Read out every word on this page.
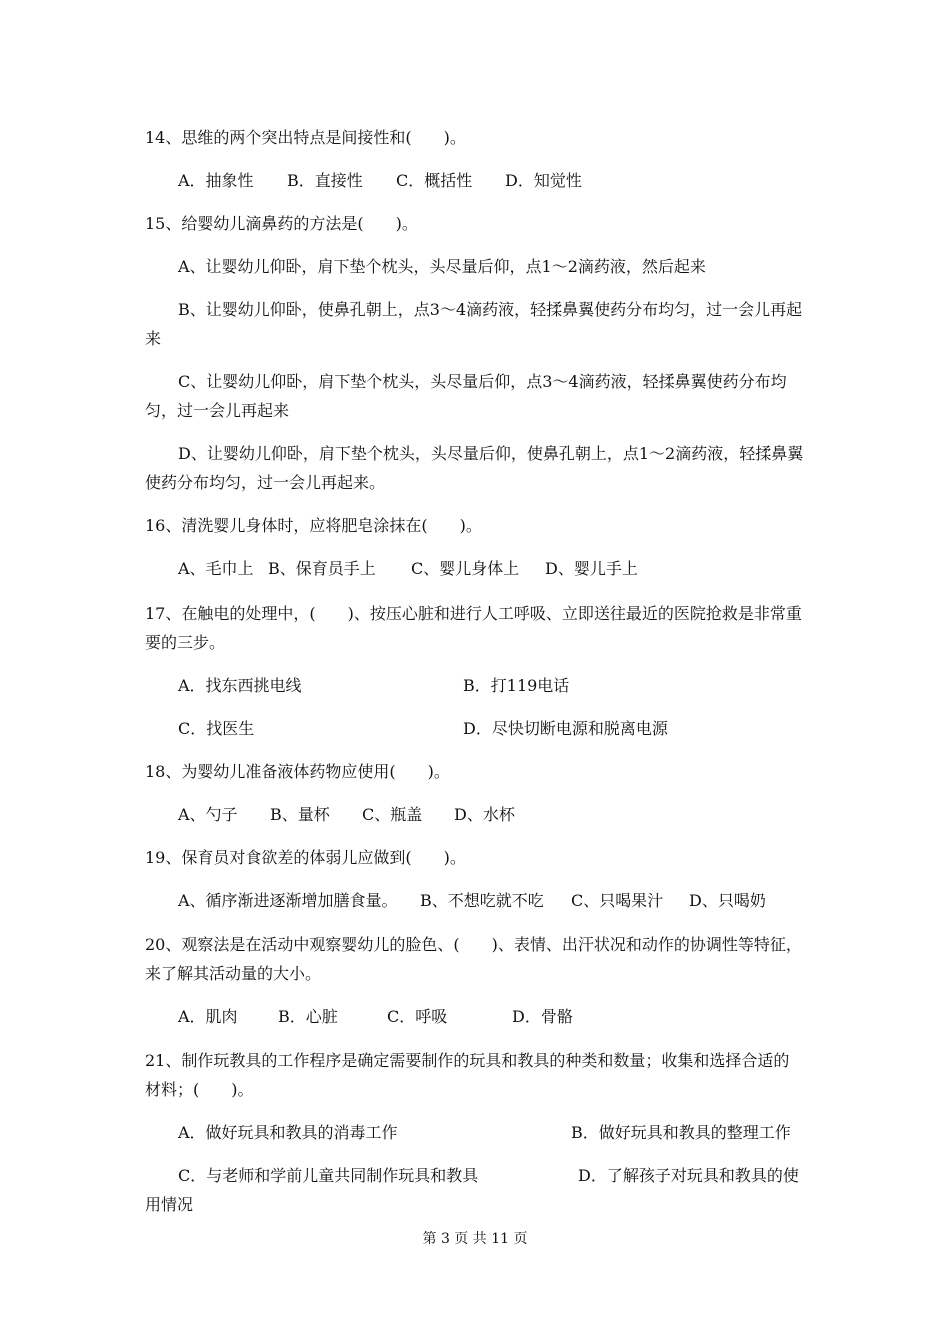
14、思维的两个突出特点是间接性和(　　)。
A．抽象性 B．直接性 C．概括性 D．知觉性
15、给婴幼儿滴鼻药的方法是(　　)。
A、让婴幼儿仰卧，肩下垫个枕头，头尽量后仰，点1～2滴药液，然后起来
B、让婴幼儿仰卧，使鼻孔朝上，点3～4滴药液，轻揉鼻翼使药分布均匀，过一会儿再起来
C、让婴幼儿仰卧，肩下垫个枕头，头尽量后仰，点3～4滴药液，轻揉鼻翼使药分布均匀，过一会儿再起来
D、让婴幼儿仰卧，肩下垫个枕头，头尽量后仰，使鼻孔朝上，点1～2滴药液，轻揉鼻翼使药分布均匀，过一会儿再起来。
16、清洗婴儿身体时，应将肥皂涂抹在(　　)。
A、毛巾上 B、保育员手上 C、婴儿身体上 D、婴儿手上
17、在触电的处理中，(　　)、按压心脏和进行人工呼吸、立即送往最近的医院抢救是非常重要的三步。
A．找东西挑电线	B．打119电话
C．找医生	D．尽快切断电源和脱离电源
18、为婴幼儿准备液体药物应使用(　　)。
A、勺子 B、量杯 C、瓶盖 D、水杯
19、保育员对食欲差的体弱儿应做到(　　)。
A、循序渐进逐渐增加膳食量。 B、不想吃就不吃 C、只喝果汁 D、只喝奶
20、观察法是在活动中观察婴幼儿的脸色、(　　)、表情、出汗状况和动作的协调性等特征，来了解其活动量的大小。
A．肌肉	B．心脏	C．呼吸	D．骨骼
21、制作玩教具的工作程序是确定需要制作的玩具和教具的种类和数量；收集和选择合适的材料；(　　)。
A．做好玩具和教具的消毒工作	B．做好玩具和教具的整理工作
C．与老师和学前儿童共同制作玩具和教具	D．了解孩子对玩具和教具的使
用情况
第 3 页 共 11 页
